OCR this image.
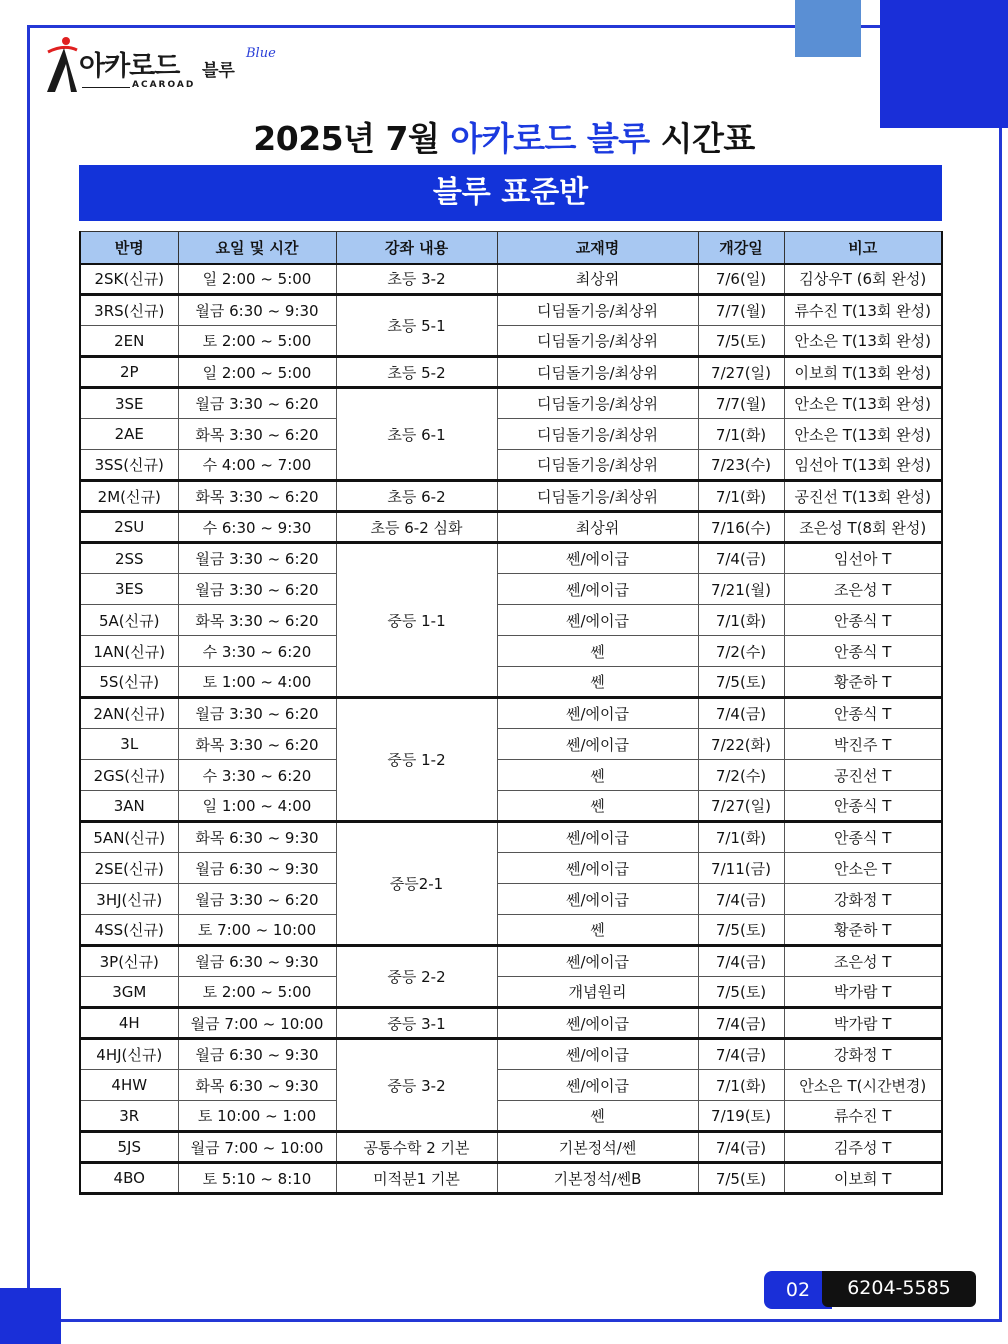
아카로드 블루
Blue
ACAROAD
2025년 7월 아카로드 블루 시간표
블루 표준반
반명	요일 및 시간	강좌 내용	교재명	개강일	비고
2SK(신규)	일 2:00 ~ 5:00	초등 3-2	최상위	7/6(일)	김상우T (6회 완성)
3RS(신규)	월금 6:30 ~ 9:30	초등 5-1	디딤돌기응/최상위	7/7(월)	류수진 T(13회 완성)
2EN	토 2:00 ~ 5:00		디딤돌기응/최상위	7/5(토)	안소은 T(13회 완성)
2P	일 2:00 ~ 5:00	초등 5-2	디딤돌기응/최상위	7/27(일)	이보희 T(13회 완성)
3SE	월금 3:30 ~ 6:20	초등 6-1	디딤돌기응/최상위	7/7(월)	안소은 T(13회 완성)
2AE	화목 3:30 ~ 6:20		디딤돌기응/최상위	7/1(화)	안소은 T(13회 완성)
3SS(신규)	수 4:00 ~ 7:00		디딤돌기응/최상위	7/23(수)	임선아 T(13회 완성)
2M(신규)	화목 3:30 ~ 6:20	초등 6-2	디딤돌기응/최상위	7/1(화)	공진선 T(13회 완성)
2SU	수 6:30 ~ 9:30	초등 6-2 심화	최상위	7/16(수)	조은성 T(8회 완성)
2SS	월금 3:30 ~ 6:20	중등 1-1	쎈/에이급	7/4(금)	임선아 T
3ES	월금 3:30 ~ 6:20		쎈/에이급	7/21(월)	조은성 T
5A(신규)	화목 3:30 ~ 6:20		쎈/에이급	7/1(화)	안종식 T
1AN(신규)	수 3:30 ~ 6:20		쎈	7/2(수)	안종식 T
5S(신규)	토 1:00 ~ 4:00		쎈	7/5(토)	황준하 T
2AN(신규)	월금 3:30 ~ 6:20	중등 1-2	쎈/에이급	7/4(금)	안종식 T
3L	화목 3:30 ~ 6:20		쎈/에이급	7/22(화)	박진주 T
2GS(신규)	수 3:30 ~ 6:20		쎈	7/2(수)	공진선 T
3AN	일 1:00 ~ 4:00		쎈	7/27(일)	안종식 T
5AN(신규)	화목 6:30 ~ 9:30	중등2-1	쎈/에이급	7/1(화)	안종식 T
2SE(신규)	월금 6:30 ~ 9:30		쎈/에이급	7/11(금)	안소은 T
3HJ(신규)	월금 3:30 ~ 6:20		쎈/에이급	7/4(금)	강화정 T
4SS(신규)	토 7:00 ~ 10:00		쎈	7/5(토)	황준하 T
3P(신규)	월금 6:30 ~ 9:30	중등 2-2	쎈/에이급	7/4(금)	조은성 T
3GM	토 2:00 ~ 5:00		개념원리	7/5(토)	박가람 T
4H	월금 7:00 ~ 10:00	중등 3-1	쎈/에이급	7/4(금)	박가람 T
4HJ(신규)	월금 6:30 ~ 9:30	중등 3-2	쎈/에이급	7/4(금)	강화정 T
4HW	화목 6:30 ~ 9:30		쎈/에이급	7/1(화)	안소은 T(시간변경)
3R	토 10:00 ~ 1:00		쎈	7/19(토)	류수진 T
5JS	월금 7:00 ~ 10:00	공통수학 2 기본	기본정석/쎈	7/4(금)	김주성 T
4BO	토 5:10 ~ 8:10	미적분1 기본	기본정석/쎈B	7/5(토)	이보희 T
02	6204-5585
